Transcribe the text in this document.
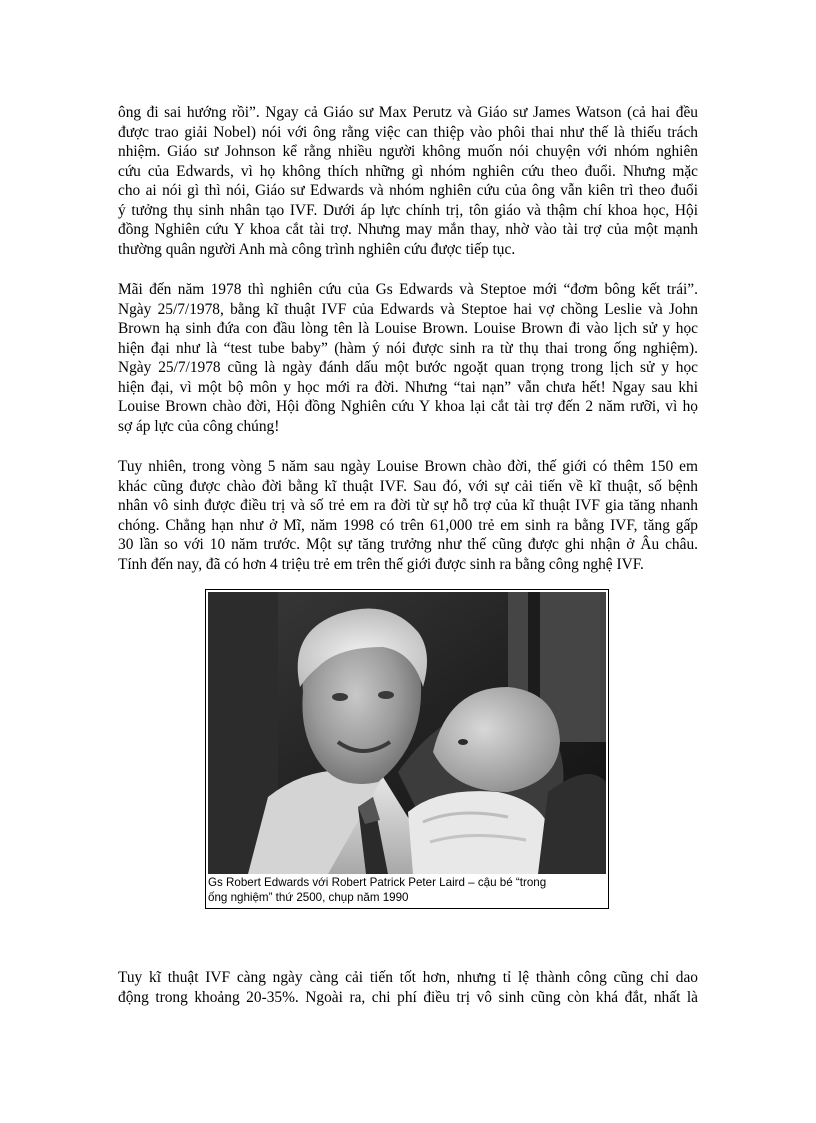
ông đi sai hướng rồi”. Ngay cả Giáo sư Max Perutz và Giáo sư James Watson (cả hai đều
được trao giải Nobel) nói với ông rằng việc can thiệp vào phôi thai như thế là thiếu trách
nhiệm. Giáo sư Johnson kể rằng nhiều người không muốn nói chuyện với nhóm nghiên
cứu của Edwards, vì họ không thích những gì nhóm nghiên cứu theo đuổi. Nhưng mặc
cho ai nói gì thì nói, Giáo sư Edwards và nhóm nghiên cứu của ông vẫn kiên trì theo đuổi
ý tưởng thụ sinh nhân tạo IVF. Dưới áp lực chính trị, tôn giáo và thậm chí khoa học, Hội
đồng Nghiên cứu Y khoa cắt tài trợ. Nhưng may mắn thay, nhờ vào tài trợ của một mạnh
thường quân người Anh mà công trình nghiên cứu được tiếp tục.
Mãi đến năm 1978 thì nghiên cứu của Gs Edwards và Steptoe mới “đơm bông kết trái”.
Ngày 25/7/1978, bằng kĩ thuật IVF của Edwards và Steptoe hai vợ chồng Leslie và John
Brown hạ sinh đứa con đầu lòng tên là Louise Brown. Louise Brown đi vào lịch sử y học
hiện đại như là “test tube baby” (hàm ý nói được sinh ra từ thụ thai trong ống nghiệm).
Ngày 25/7/1978 cũng là ngày đánh dấu một bước ngoặt quan trọng trong lịch sử y học
hiện đại, vì một bộ môn y học mới ra đời. Nhưng “tai nạn” vẫn chưa hết! Ngay sau khi
Louise Brown chào đời, Hội đồng Nghiên cứu Y khoa lại cắt tài trợ đến 2 năm rưỡi, vì họ
sợ áp lực của công chúng!
Tuy nhiên, trong vòng 5 năm sau ngày Louise Brown chào đời, thế giới có thêm 150 em
khác cũng được chào đời bằng kĩ thuật IVF. Sau đó, với sự cải tiến về kĩ thuật, số bệnh
nhân vô sinh được điều trị và số trẻ em ra đời từ sự hỗ trợ của kĩ thuật IVF gia tăng nhanh
chóng. Chẳng hạn như ở Mĩ, năm 1998 có trên 61,000 trẻ em sinh ra bằng IVF, tăng gấp
30 lần so với 10 năm trước. Một sự tăng trưởng như thế cũng được ghi nhận ở Âu châu.
Tính đến nay, đã có hơn 4 triệu trẻ em trên thế giới được sinh ra bằng công nghệ IVF.
Gs Robert Edwards với Robert Patrick Peter Laird – cậu bé “trong
ống nghiệm” thứ 2500, chụp năm 1990
Tuy kĩ thuật IVF càng ngày càng cải tiến tốt hơn, nhưng tỉ lệ thành công cũng chỉ dao
động trong khoảng 20-35%. Ngoài ra, chi phí điều trị vô sinh cũng còn khá đắt, nhất là
